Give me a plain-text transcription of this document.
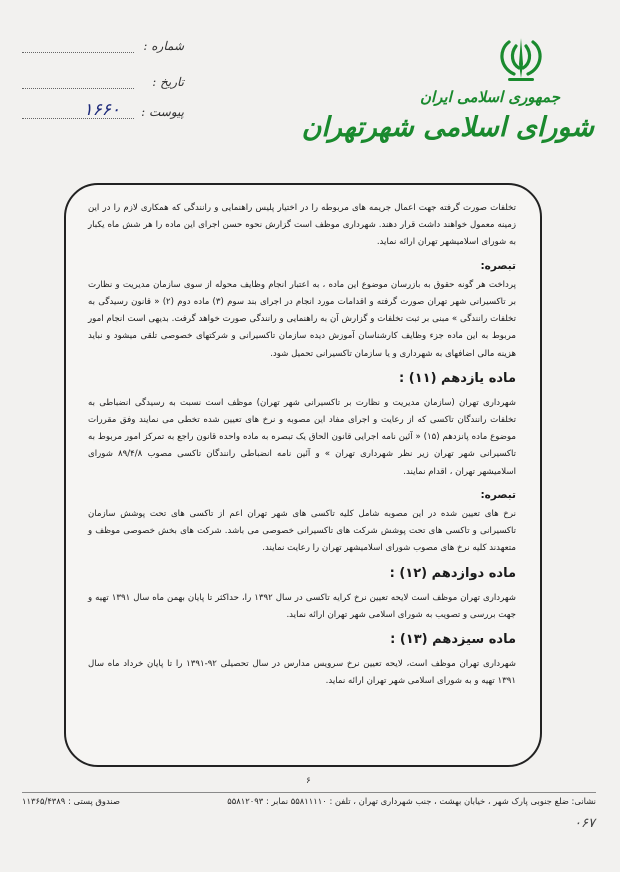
شماره :
تاریخ :
پیوست :
۱۶۶۰
جمهوری اسلامی ایران
شورای اسلامی شهرتهران

تخلفات صورت گرفته جهت اعمال جریمه های مربوطه را در اختیار پلیس راهنمایی و رانندگی که همکاری لازم را در این زمینه معمول خواهند داشت قرار دهند. شهرداری موظف است گزارش نحوه حسن اجرای این ماده را هر شش ماه یکبار به شورای اسلامیشهر تهران ارائه نماید.

تبصره:

پرداخت هر گونه حقوق به بازرسان موضوع این ماده ، به اعتبار انجام وظایف محوله از سوی سازمان مدیریت و نظارت بر تاکسیرانی شهر تهران صورت گرفته و اقدامات مورد انجام در اجرای بند سوم (۳) ماده دوم (۲) « قانون رسیدگی به تخلفات رانندگی » مبنی بر ثبت تخلفات و گزارش آن به راهنمایی و رانندگی صورت خواهد گرفت. بدیهی است انجام امور مربوط به این ماده جزء وظایف کارشناسان آموزش دیده سازمان تاکسیرانی و شرکتهای خصوصی تلقی میشود و نباید هزینه مالی اضافهای به شهرداری و یا سازمان تاکسیرانی تحمیل شود.

ماده یازدهم (۱۱) :

شهرداری تهران (سازمان مدیریت و نظارت بر تاکسیرانی شهر تهران) موظف است نسبت به رسیدگی انضباطی به تخلفات رانندگان تاکسی که از رعایت و اجرای مفاد این مصوبه و نرخ های تعیین شده تخطی می نمایند وفق مقررات موضوع ماده پانزدهم (۱۵) « آئین نامه اجرایی قانون الحاق یک تبصره به ماده واحده قانون راجع به تمرکز امور مربوط به تاکسیرانی شهر تهران زیر نظر شهرداری تهران » و آئین نامه انضباطی رانندگان تاکسی مصوب ۸۹/۴/۸ شورای اسلامیشهر تهران ، اقدام نمایند.

تبصره:

نرخ های تعیین شده در این مصوبه شامل کلیه تاکسی های شهر تهران اعم از تاکسی های تحت پوشش سازمان تاکسیرانی و تاکسی های تحت پوشش شرکت های تاکسیرانی خصوصی می باشد. شرکت های بخش خصوصی موظف و متعهدند کلیه نرخ های مصوب شورای اسلامیشهر تهران را رعایت نمایند.

ماده دوازدهم (۱۲) :

شهرداری تهران موظف است لایحه تعیین نرخ کرایه تاکسی در سال ۱۳۹۲ را، حداکثر تا پایان بهمن ماه سال ۱۳۹۱ تهیه و جهت بررسی و تصویب به شورای اسلامی شهر تهران ارائه نماید.

ماده سیزدهم (۱۳) :

شهرداری تهران موظف است، لایحه تعیین نرخ سرویس مدارس در سال تحصیلی ۹۲-۱۳۹۱ را تا پایان خرداد ماه سال ۱۳۹۱ تهیه و به شورای اسلامی شهر تهران ارائه نماید.

۶
نشانی: ضلع جنوبی پارک شهر ، خیابان بهشت ، جنب شهرداری تهران ، تلفن : ۵۵۸۱۱۱۱۰ نمابر : ۵۵۸۱۲۰۹۳
صندوق پستی : ۱۱۳۶۵/۴۳۸۹
۰۶۷
